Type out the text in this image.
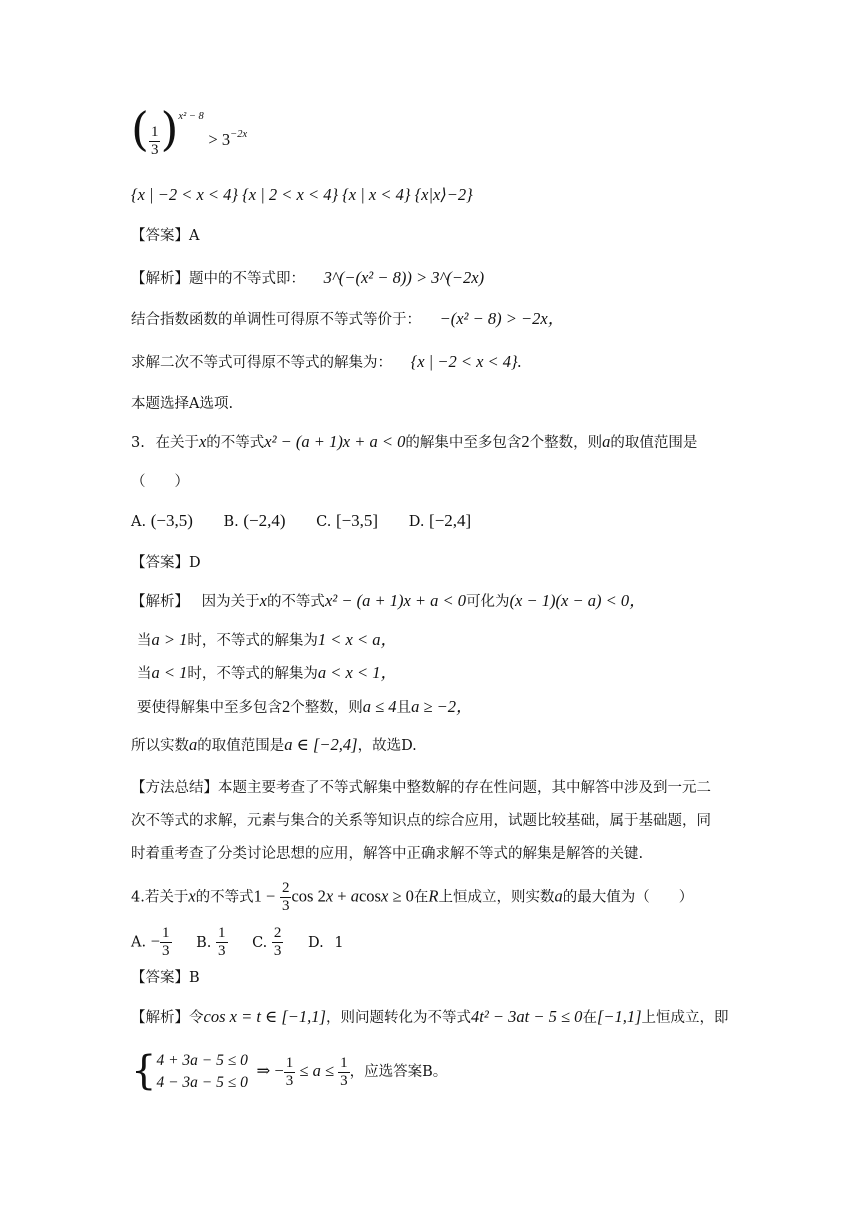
( $\frac{1}{3} )^{x^2 - 8} > 3^{-2x}$
{x | −2 < x < 4} {x | 2 < x < 4} {x | x < 4} {x|x⟩−2}
【答案】A
【解析】题中的不等式即： 3^(−(x² − 8)) > 3^(−2x)
结合指数函数的单调性可得原不等式等价于： −(x² − 8) > −2x，
求解二次不等式可得原不等式的解集为： {x | −2 < x < 4}.
本题选择A选项.
3. 在关于x的不等式x² − (a + 1)x + a < 0的解集中至多包含2个整数，则a的取值范围是
（　　）
A. (−3,5) B. (−2,4) C. [−3,5] D. [−2,4]
【答案】D
【解析】 因为关于x的不等式x² − (a + 1)x + a < 0可化为(x − 1)(x − a) < 0，
当a > 1时，不等式的解集为1 < x < a，
当a < 1时，不等式的解集为a < x < 1，
要使得解集中至多包含2个整数，则a ≤ 4且a ≥ −2，
所以实数a的取值范围是a ∈ [−2,4]，故选D.
【方法总结】本题主要考查了不等式解集中整数解的存在性问题，其中解答中涉及到一元二
次不等式的求解，元素与集合的关系等知识点的综合应用，试题比较基础，属于基础题，同
时着重考查了分类讨论思想的应用，解答中正确求解不等式的解集是解答的关键.
4.若关于x的不等式$1 - \frac{2}{3}$ cos 2x + acosx ≥ 0在R上恒成立，则实数a的最大值为（　　）
A. − $\frac{1}{3} B$. $\frac{1}{3} C$. $\frac{2}{3} D$. 1
【答案】B
【解析】令cos x = t ∈ [−1,1]，则问题转化为不等式4t² − 3at − 5 ≤ 0在[−1,1]上恒成立，即
{ 4 + 3a − 5 ≤ 0
4 − 3a − 5 ≤ 0
⇒ − $\frac{1}{3} \le a \le \frac{1}{3}$ ，应选答案B。
